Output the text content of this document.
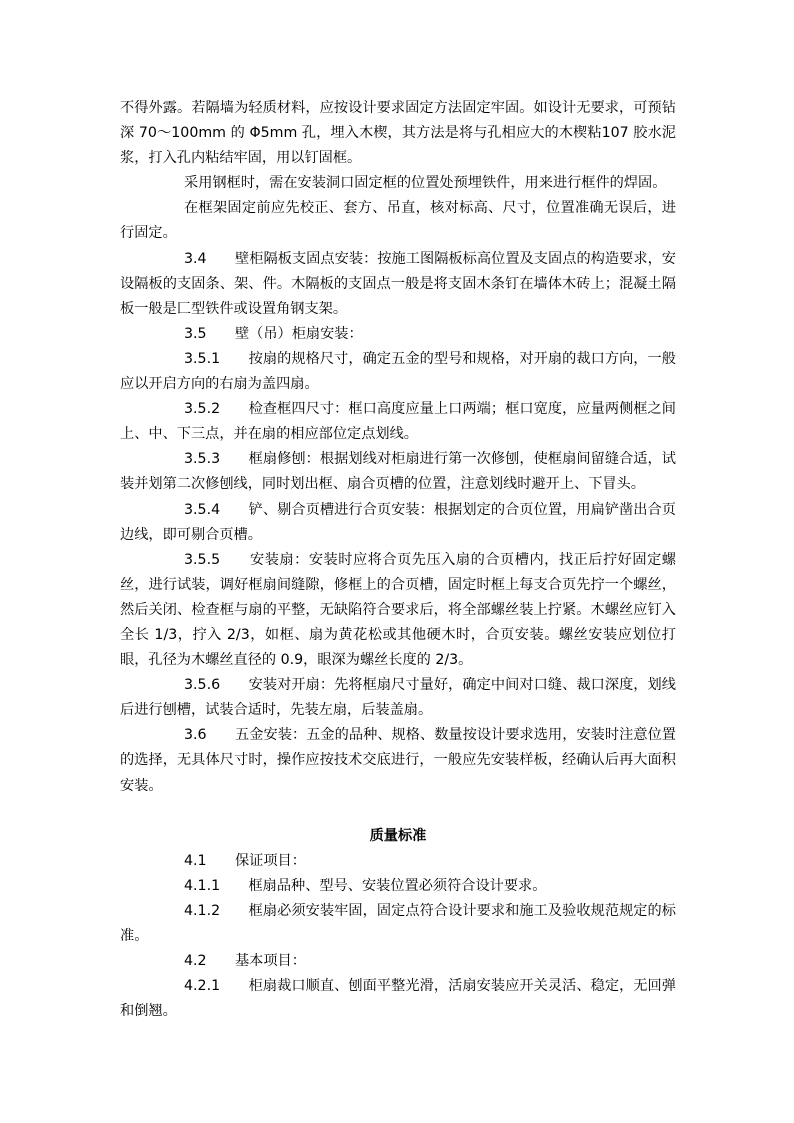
不得外露。若隔墙为轻质材料，应按设计要求固定方法固定牢固。如设计无要求，可预钻深 70～100mm 的 Φ5mm 孔，埋入木楔，其方法是将与孔相应大的木楔粘107 胶水泥浆，打入孔内粘结牢固，用以钉固框。

采用钢框时，需在安装洞口固定框的位置处预埋铁件，用来进行框件的焊固。

在框架固定前应先校正、套方、吊直，核对标高、尺寸，位置准确无误后，进行固定。

3.4　　壁柜隔板支固点安装：按施工图隔板标高位置及支固点的构造要求，安设隔板的支固条、架、件。木隔板的支固点一般是将支固木条钉在墙体木砖上；混凝土隔板一般是匚型铁件或设置角钢支架。

3.5　　壁（吊）柜扇安装：

3.5.1　　按扇的规格尺寸，确定五金的型号和规格，对开扇的裁口方向，一般应以开启方向的右扇为盖四扇。

3.5.2　　检查框四尺寸：框口高度应量上口两端；框口宽度，应量两侧框之间上、中、下三点，并在扇的相应部位定点划线。

3.5.3　　框扇修刨：根据划线对柜扇进行第一次修刨，使框扇间留缝合适，试装并划第二次修刨线，同时划出框、扇合页槽的位置，注意划线时避开上、下冒头。

3.5.4　　铲、剔合页槽进行合页安装：根据划定的合页位置，用扁铲凿出合页边线，即可剔合页槽。

3.5.5　　安装扇：安装时应将合页先压入扇的合页槽内，找正后拧好固定螺丝，进行试装，调好框扇间缝隙，修框上的合页槽，固定时框上每支合页先拧一个螺丝，然后关闭、检查框与扇的平整，无缺陷符合要求后，将全部螺丝装上拧紧。木螺丝应钉入全长 1/3，拧入 2/3，如框、扇为黄花松或其他硬木时，合页安装。螺丝安装应划位打眼，孔径为木螺丝直径的 0.9，眼深为螺丝长度的 2/3。

3.5.6　　安装对开扇：先将框扇尺寸量好，确定中间对口缝、裁口深度，划线后进行刨槽，试装合适时，先装左扇，后装盖扇。

3.6　　五金安装：五金的品种、规格、数量按设计要求选用，安装时注意位置的选择，无具体尺寸时，操作应按技术交底进行，一般应先安装样板，经确认后再大面积安装。

质量标准

4.1　　保证项目：

4.1.1　　框扇品种、型号、安装位置必须符合设计要求。

4.1.2　　框扇必须安装牢固，固定点符合设计要求和施工及验收规范规定的标准。

4.2　　基本项目：

4.2.1　　柜扇裁口顺直、刨面平整光滑，活扇安装应开关灵活、稳定，无回弹和倒翘。
